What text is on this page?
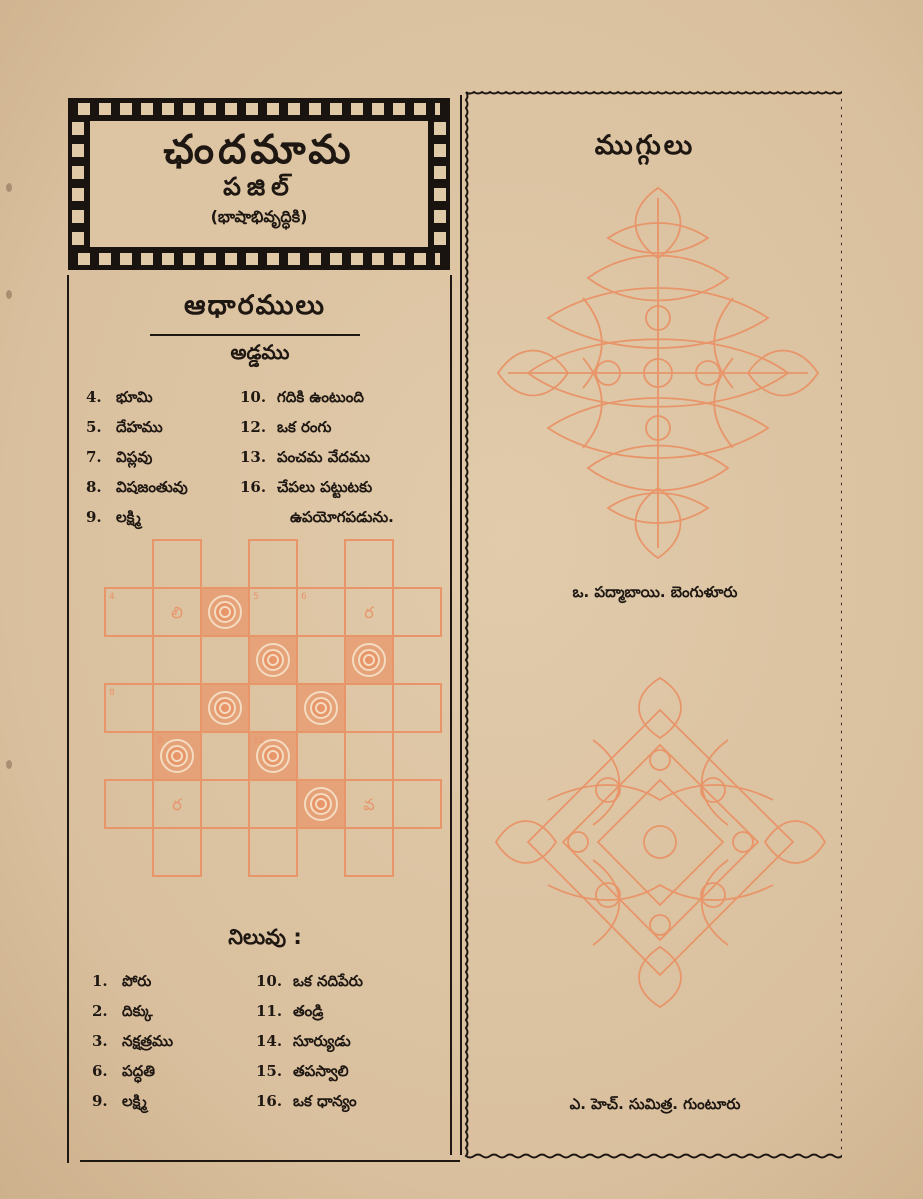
ఛందమామ
పజిల్
(భాషాభివృద్ధికి)
ఆధారములు
అడ్డము
4. భూమి
5. దేహము
7. విప్లవు
8. విషజంతువు
9. లక్ష్మి
10. గదికి ఉంటుంది
12. ఒక రంగు
13. పంచమ వేదము
16. చేపలు పట్టుటకు
ఉపయోగపడును.
లి	ర
ర	వ
4	5	6
8
9	12
నిలువు :
1. పోరు
2. దిక్కు
3. నక్షత్రము
6. పద్ధతి
9. లక్ష్మి
10. ఒక నదిపేరు
11. తండ్రి
14. సూర్యుడు
15. తపస్వాలి
16. ఒక ధాన్యం
ముగ్గులు
ఒ. పద్మాబాయి. బెంగుళూరు
ఎ. హెచ్. సుమిత్ర. గుంటూరు
